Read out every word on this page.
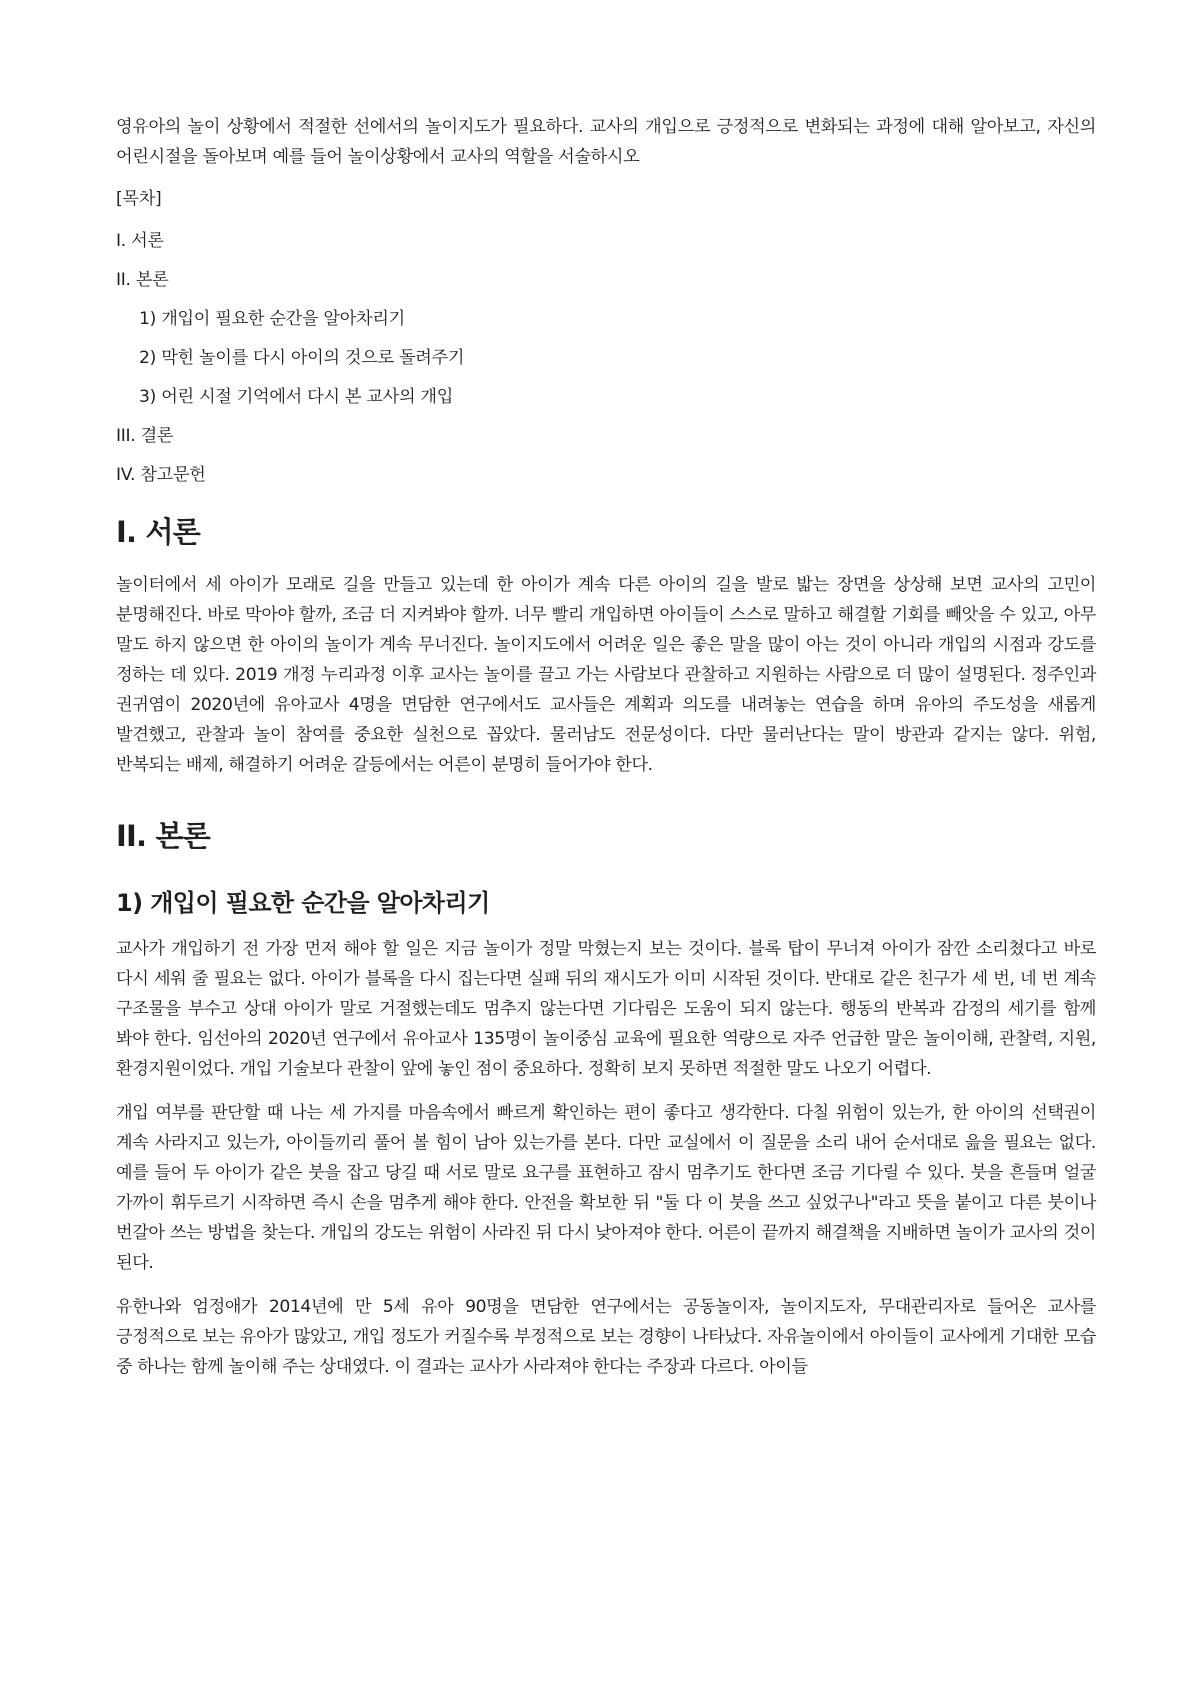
영유아의 놀이 상황에서 적절한 선에서의 놀이지도가 필요하다. 교사의 개입으로 긍정적으로 변화되는 과정에 대해 알아보고, 자신의 어린시절을 돌아보며 예를 들어 놀이상황에서 교사의 역할을 서술하시오

[목차]

I. 서론
II. 본론
1) 개입이 필요한 순간을 알아차리기
2) 막힌 놀이를 다시 아이의 것으로 돌려주기
3) 어린 시절 기억에서 다시 본 교사의 개입
III. 결론
IV. 참고문헌
I. 서론

놀이터에서 세 아이가 모래로 길을 만들고 있는데 한 아이가 계속 다른 아이의 길을 발로 밟는 장면을 상상해 보면 교사의 고민이 분명해진다. 바로 막아야 할까, 조금 더 지켜봐야 할까. 너무 빨리 개입하면 아이들이 스스로 말하고 해결할 기회를 빼앗을 수 있고, 아무 말도 하지 않으면 한 아이의 놀이가 계속 무너진다. 놀이지도에서 어려운 일은 좋은 말을 많이 아는 것이 아니라 개입의 시점과 강도를 정하는 데 있다. 2019 개정 누리과정 이후 교사는 놀이를 끌고 가는 사람보다 관찰하고 지원하는 사람으로 더 많이 설명된다. 정주인과 권귀염이 2020년에 유아교사 4명을 면담한 연구에서도 교사들은 계획과 의도를 내려놓는 연습을 하며 유아의 주도성을 새롭게 발견했고, 관찰과 놀이 참여를 중요한 실천으로 꼽았다. 물러남도 전문성이다. 다만 물러난다는 말이 방관과 같지는 않다. 위험, 반복되는 배제, 해결하기 어려운 갈등에서는 어른이 분명히 들어가야 한다.

II. 본론
1) 개입이 필요한 순간을 알아차리기

교사가 개입하기 전 가장 먼저 해야 할 일은 지금 놀이가 정말 막혔는지 보는 것이다. 블록 탑이 무너져 아이가 잠깐 소리쳤다고 바로 다시 세워 줄 필요는 없다. 아이가 블록을 다시 집는다면 실패 뒤의 재시도가 이미 시작된 것이다. 반대로 같은 친구가 세 번, 네 번 계속 구조물을 부수고 상대 아이가 말로 거절했는데도 멈추지 않는다면 기다림은 도움이 되지 않는다. 행동의 반복과 감정의 세기를 함께 봐야 한다. 임선아의 2020년 연구에서 유아교사 135명이 놀이중심 교육에 필요한 역량으로 자주 언급한 말은 놀이이해, 관찰력, 지원, 환경지원이었다. 개입 기술보다 관찰이 앞에 놓인 점이 중요하다. 정확히 보지 못하면 적절한 말도 나오기 어렵다.

개입 여부를 판단할 때 나는 세 가지를 마음속에서 빠르게 확인하는 편이 좋다고 생각한다. 다칠 위험이 있는가, 한 아이의 선택권이 계속 사라지고 있는가, 아이들끼리 풀어 볼 힘이 남아 있는가를 본다. 다만 교실에서 이 질문을 소리 내어 순서대로 읊을 필요는 없다. 예를 들어 두 아이가 같은 붓을 잡고 당길 때 서로 말로 요구를 표현하고 잠시 멈추기도 한다면 조금 기다릴 수 있다. 붓을 흔들며 얼굴 가까이 휘두르기 시작하면 즉시 손을 멈추게 해야 한다. 안전을 확보한 뒤 "둘 다 이 붓을 쓰고 싶었구나"라고 뜻을 붙이고 다른 붓이나 번갈아 쓰는 방법을 찾는다. 개입의 강도는 위험이 사라진 뒤 다시 낮아져야 한다. 어른이 끝까지 해결책을 지배하면 놀이가 교사의 것이 된다.

유한나와 엄정애가 2014년에 만 5세 유아 90명을 면담한 연구에서는 공동놀이자, 놀이지도자, 무대관리자로 들어온 교사를 긍정적으로 보는 유아가 많았고, 개입 정도가 커질수록 부정적으로 보는 경향이 나타났다. 자유놀이에서 아이들이 교사에게 기대한 모습 중 하나는 함께 놀이해 주는 상대였다. 이 결과는 교사가 사라져야 한다는 주장과 다르다. 아이들
